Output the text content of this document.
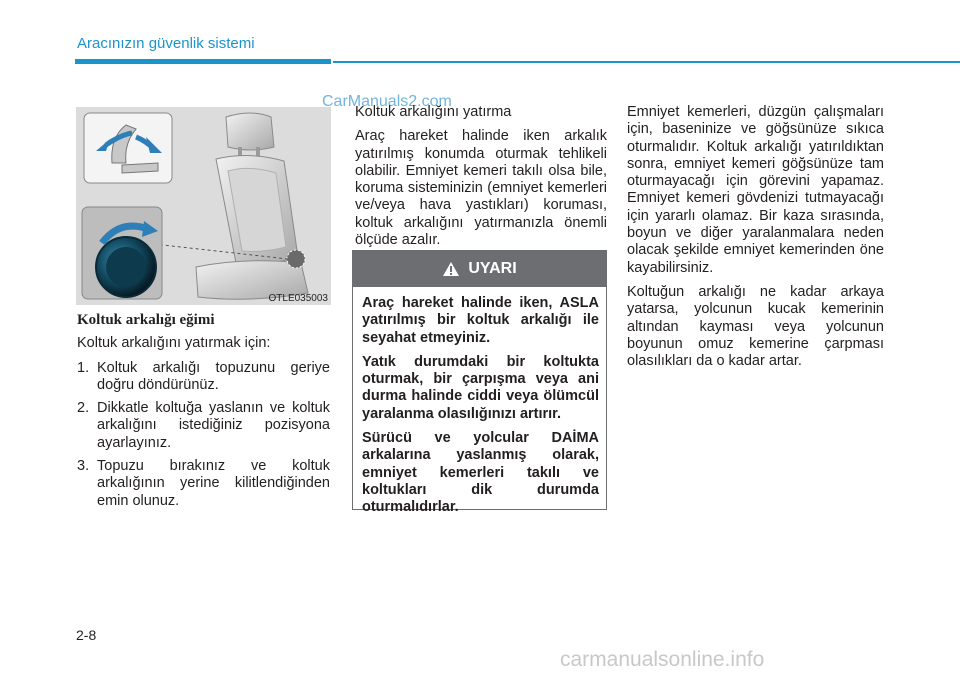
Aracınızın güvenlik sistemi
OTLE035003
CarManuals2.com
Koltuk arkalığı eğimi

Koltuk arkalığını yatırmak için:

1. Koltuk arkalığı topuzunu geriye doğru döndürünüz.
2. Dikkatle koltuğa yaslanın ve koltuk arkalığını istediğiniz pozisyona ayarlayınız.
3. Topuzu bırakınız ve koltuk arkalığının yerine kilitlendiğinden emin olunuz.

Koltuk arkalığını yatırma

Araç hareket halinde iken arkalık yatırılmış konumda oturmak tehlikeli olabilir. Emniyet kemeri takılı olsa bile, koruma sisteminizin (emniyet kemerleri ve/veya hava yastıkları) koruması, koltuk arkalığını yatırmanızla önemli ölçüde azalır.

UYARI

Araç hareket halinde iken, ASLA yatırılmış bir koltuk arkalığı ile seyahat etmeyiniz.

Yatık durumdaki bir koltukta oturmak, bir çarpışma veya ani durma halinde ciddi veya ölümcül yaralanma olasılığınızı artırır.

Sürücü ve yolcular DAİMA arkalarına yaslanmış olarak, emniyet kemerleri takılı ve koltukları dik durumda oturmalıdırlar.

Emniyet kemerleri, düzgün çalışmaları için, baseninize ve göğsünüze sıkıca oturmalıdır. Koltuk arkalığı yatırıldıktan sonra, emniyet kemeri göğsünüze tam oturmayacağı için görevini yapamaz. Emniyet kemeri gövdenizi tutmayacağı için yararlı olamaz. Bir kaza sırasında, boyun ve diğer yaralanmalara neden olacak şekilde emniyet kemerinden öne kayabilirsiniz.

Koltuğun arkalığı ne kadar arkaya yatarsa, yolcunun kucak kemerinin altından kayması veya yolcunun boyunun omuz kemerine çarpması olasılıkları da o kadar artar.

2-8
carmanualsonline.info
